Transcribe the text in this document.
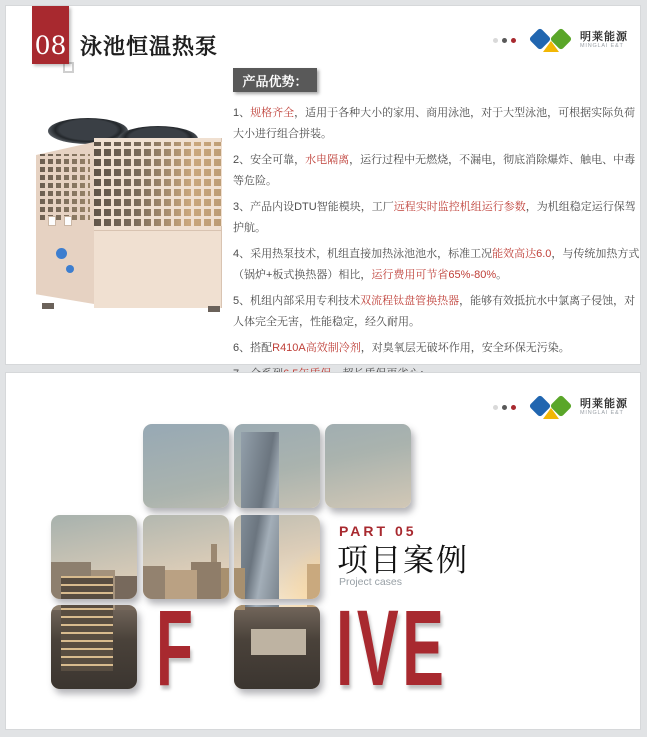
08 泳池恒温热泵	明莱能源
MINGLAI E&T
产品优势：

1、规格齐全，适用于各种大小的家用、商用泳池，对于大型泳池，可根据实际负荷大小进行组合拼装。

2、安全可靠，水电隔离，运行过程中无燃烧，不漏电，彻底消除爆炸、触电、中毒等危险。

3、产品内设DTU智能模块，工厂远程实时监控机组运行参数，为机组稳定运行保驾护航。

4、采用热泵技术，机组直接加热泳池池水，标准工况能效高达6.0，与传统加热方式（锅炉+板式换热器）相比，运行费用可节省65%-80%。

5、机组内部采用专利技术双流程钛盘管换热器，能够有效抵抗水中氯离子侵蚀，对人体完全无害，性能稳定，经久耐用。

6、搭配R410A高效制冷剂，对臭氧层无破坏作用，安全环保无污染。

明莱能源
MINGLAI E&T
PART 05
项目案例
Project cases
F IVE
